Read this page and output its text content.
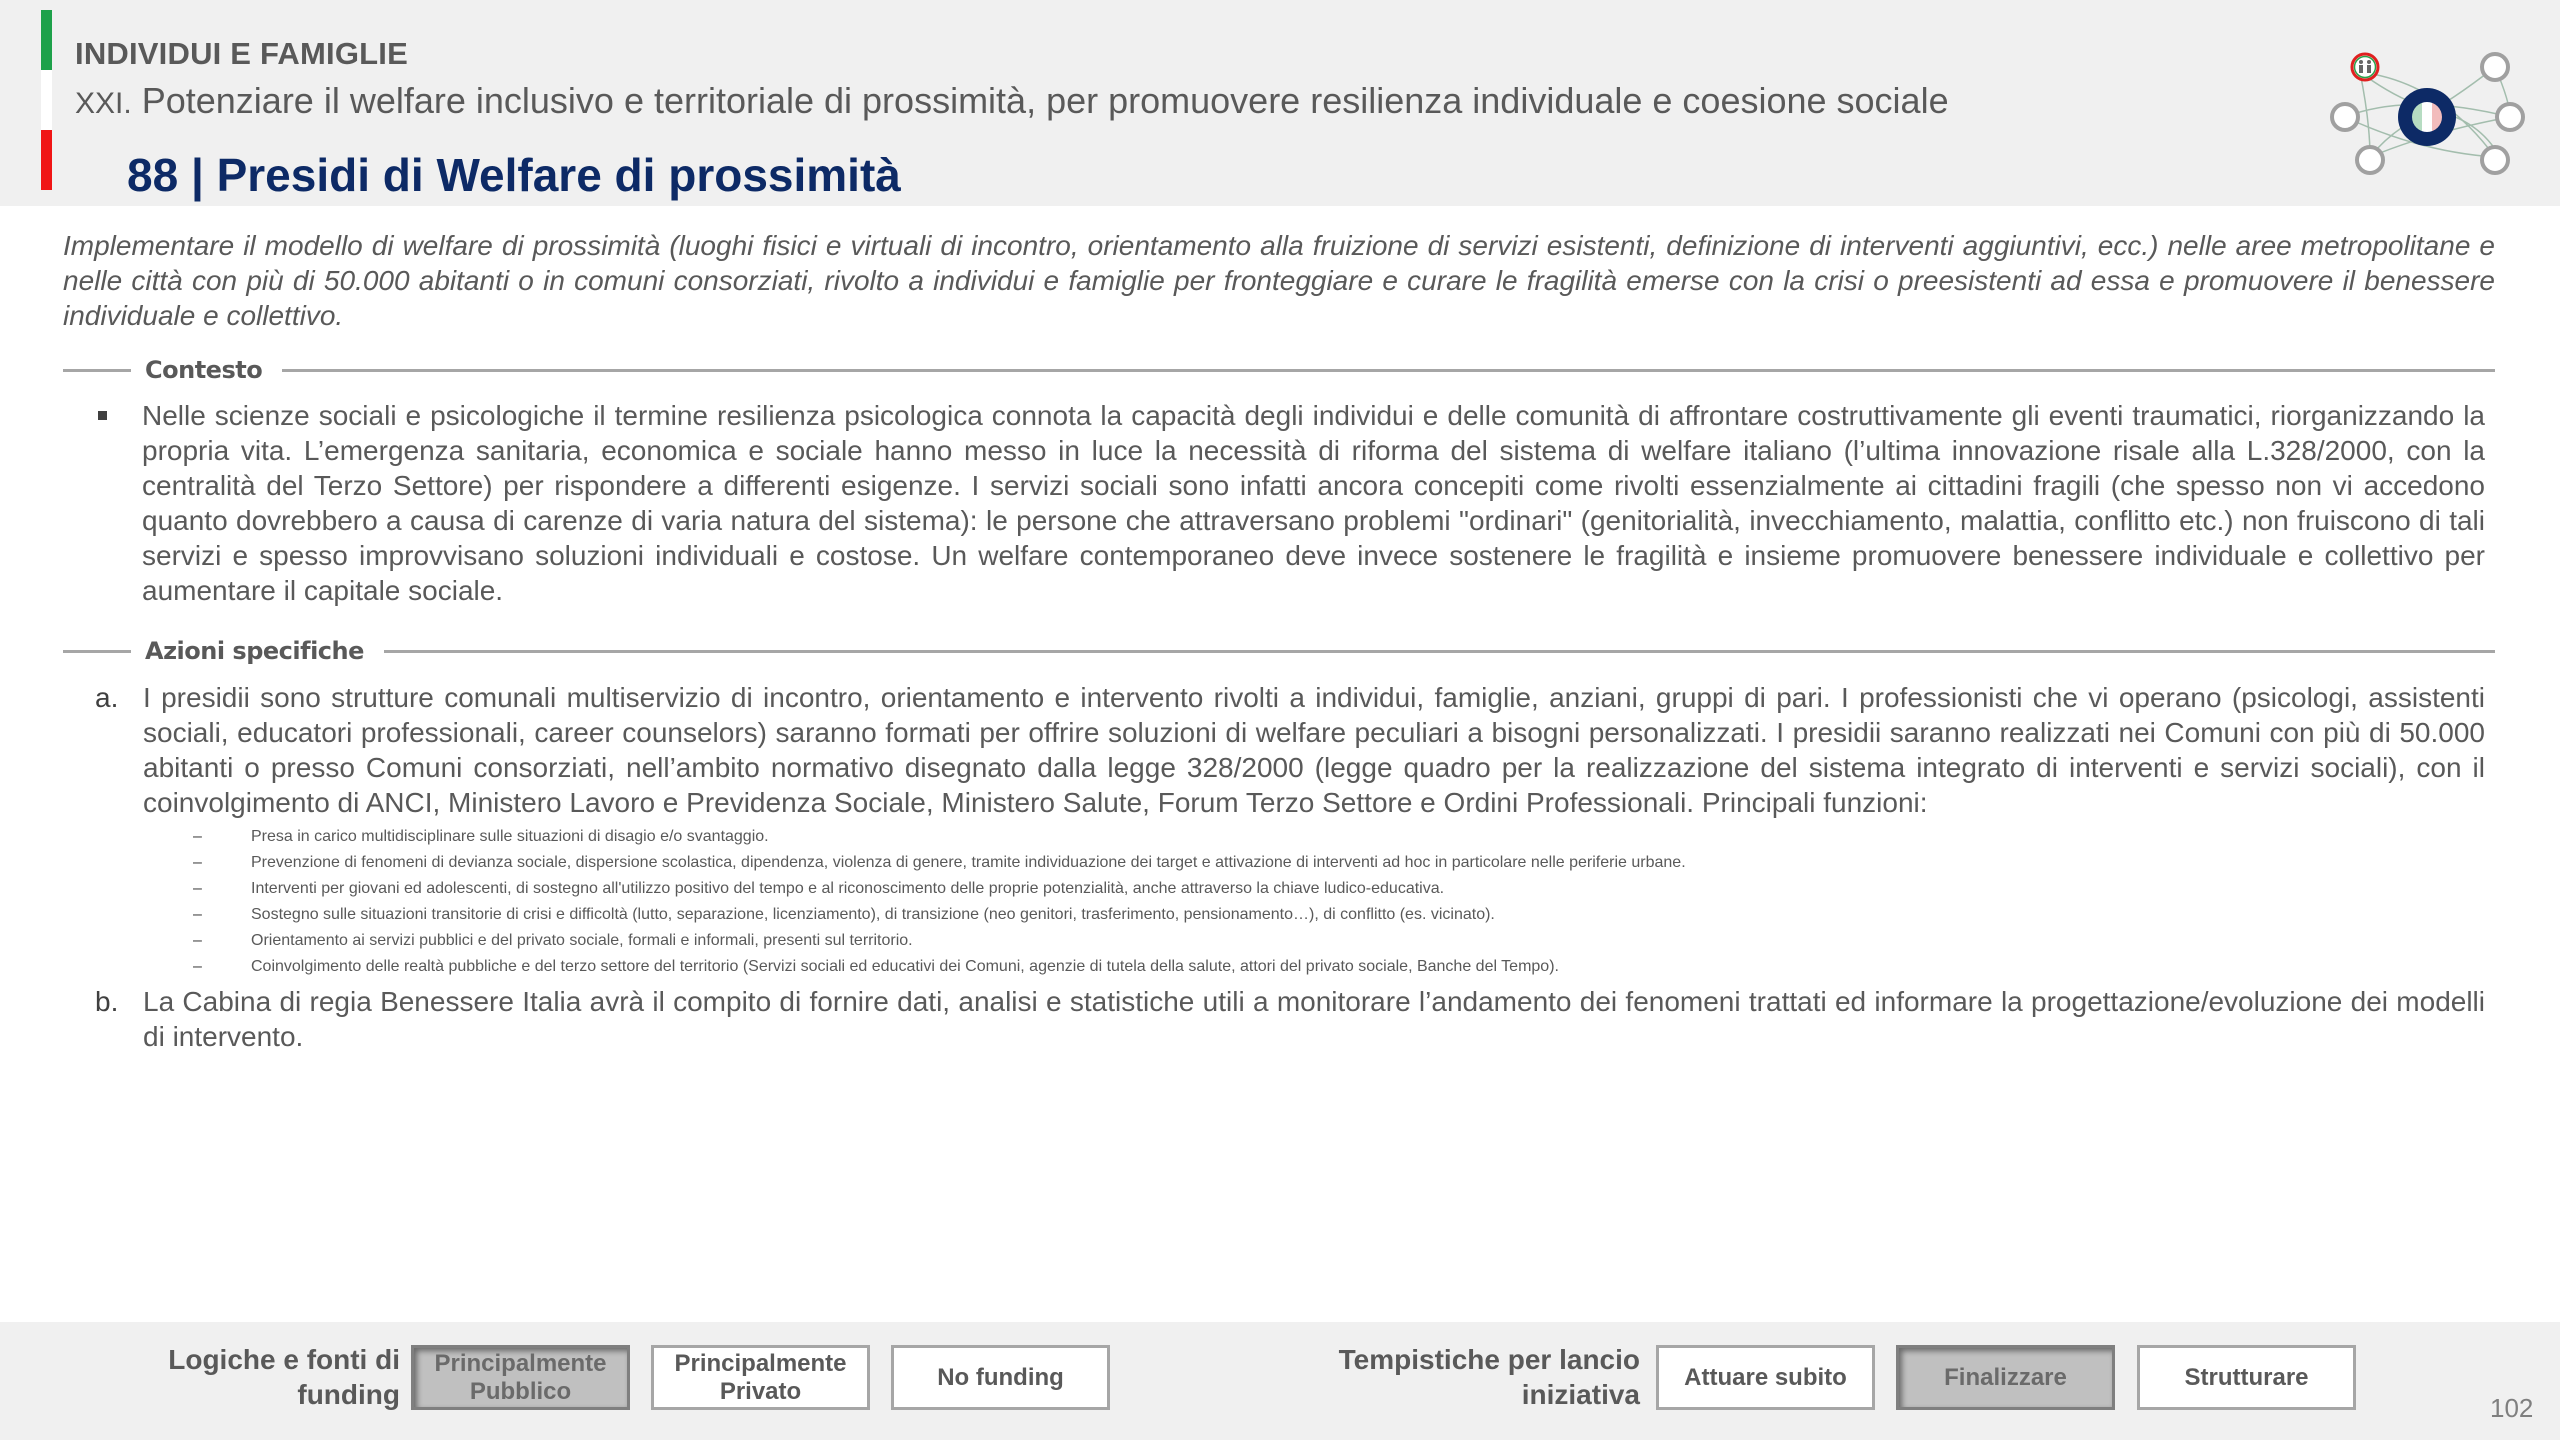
INDIVIDUI E FAMIGLIE
XXI. Potenziare il welfare inclusivo e territoriale di prossimità, per promuovere resilienza individuale e coesione sociale
88 | Presidi di Welfare di prossimità
Implementare il modello di welfare di prossimità (luoghi fisici e virtuali di incontro, orientamento alla fruizione di servizi esistenti, definizione di interventi aggiuntivi, ecc.) nelle aree metropolitane e nelle città con più di 50.000 abitanti o in comuni consorziati, rivolto a individui e famiglie per fronteggiare e curare le fragilità emerse con la crisi o preesistenti ad essa e promuovere il benessere individuale e collettivo.
Contesto
Nelle scienze sociali e psicologiche il termine resilienza psicologica connota la capacità degli individui e delle comunità di affrontare costruttivamente gli eventi traumatici, riorganizzando la propria vita. L’emergenza sanitaria, economica e sociale hanno messo in luce la necessità di riforma del sistema di welfare italiano (l’ultima innovazione risale alla L.328/2000, con la centralità del Terzo Settore) per rispondere a differenti esigenze. I servizi sociali sono infatti ancora concepiti come rivolti essenzialmente ai cittadini fragili (che spesso non vi accedono quanto dovrebbero a causa di carenze di varia natura del sistema): le persone che attraversano problemi "ordinari" (genitorialità, invecchiamento, malattia, conflitto etc.) non fruiscono di tali servizi e spesso improvvisano soluzioni individuali e costose. Un welfare contemporaneo deve invece sostenere le fragilità e insieme promuovere benessere individuale e collettivo per aumentare il capitale sociale.
Azioni specifiche
a. I presidii sono strutture comunali multiservizio di incontro, orientamento e intervento rivolti a individui, famiglie, anziani, gruppi di pari. I professionisti che vi operano (psicologi, assistenti sociali, educatori professionali, career counselors) saranno formati per offrire soluzioni di welfare peculiari a bisogni personalizzati. I presidii saranno realizzati nei Comuni con più di 50.000 abitanti o presso Comuni consorziati, nell’ambito normativo disegnato dalla legge 328/2000 (legge quadro per la realizzazione del sistema integrato di interventi e servizi sociali), con il coinvolgimento di ANCI, Ministero Lavoro e Previdenza Sociale, Ministero Salute, Forum Terzo Settore e Ordini Professionali. Principali funzioni:
–	Presa in carico multidisciplinare sulle situazioni di disagio e/o svantaggio.
–	Prevenzione di fenomeni di devianza sociale, dispersione scolastica, dipendenza, violenza di genere, tramite individuazione dei target e attivazione di interventi ad hoc in particolare nelle periferie urbane.
–	Interventi per giovani ed adolescenti, di sostegno all'utilizzo positivo del tempo e al riconoscimento delle proprie potenzialità, anche attraverso la chiave ludico-educativa.
–	Sostegno sulle situazioni transitorie di crisi e difficoltà (lutto, separazione, licenziamento), di transizione (neo genitori, trasferimento, pensionamento…), di conflitto (es. vicinato).
–	Orientamento ai servizi pubblici e del privato sociale, formali e informali, presenti sul territorio.
–	Coinvolgimento delle realtà pubbliche e del terzo settore del territorio (Servizi sociali ed educativi dei Comuni, agenzie di tutela della salute, attori del privato sociale, Banche del Tempo).
b. La Cabina di regia Benessere Italia avrà il compito di fornire dati, analisi e statistiche utili a monitorare l’andamento dei fenomeni trattati ed informare la progettazione/evoluzione dei modelli di intervento.
Logiche e fonti di
funding
Principalmente
Pubblico
Principalmente
Privato
No funding
Tempistiche per lancio
iniziativa
Attuare subito	Finalizzare	Strutturare
102
